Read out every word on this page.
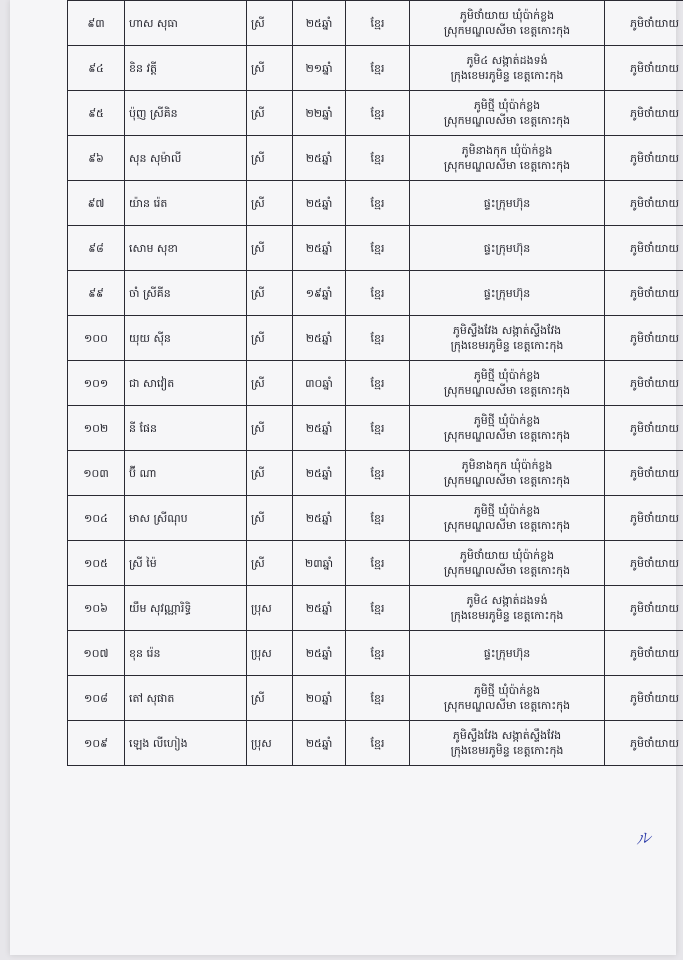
៩៣	ហាស សុធា	ស្រី	២៥ឆ្នាំ	ខ្មែរ	ភូមិថាំយាយ ឃុំប៉ាក់ខ្លង
ស្រុកមណ្ឌលសីមា ខេត្តកោះកុង	ភូមិថាំយាយ
៩៤	ខិន វត្តី	ស្រី	២១ឆ្នាំ	ខ្មែរ	ភូមិ៤ សង្កាត់ដងទង់
ក្រុងខេមរភូមិន្ទ ខេត្តកោះកុង	ភូមិថាំយាយ
៩៥	ប៉ុញ ស្រីគិន	ស្រី	២២ឆ្នាំ	ខ្មែរ	ភូមិថ្មី ឃុំប៉ាក់ខ្លង
ស្រុកមណ្ឌលសីមា ខេត្តកោះកុង	ភូមិថាំយាយ
៩៦	សុន សុម៉ាលី	ស្រី	២៥ឆ្នាំ	ខ្មែរ	ភូមិនាងកុក ឃុំប៉ាក់ខ្លង
ស្រុកមណ្ឌលសីមា ខេត្តកោះកុង	ភូមិថាំយាយ
៩៧	យ៉ាន រ៉េត	ស្រី	២៥ឆ្នាំ	ខ្មែរ	ផ្ទះក្រុមហ៊ុន	ភូមិថាំយាយ
៩៨	សោម សុខា	ស្រី	២៥ឆ្នាំ	ខ្មែរ	ផ្ទះក្រុមហ៊ុន	ភូមិថាំយាយ
៩៩	ចាំ ស្រីគីន	ស្រី	១៩ឆ្នាំ	ខ្មែរ	ផ្ទះក្រុមហ៊ុន	ភូមិថាំយាយ
១០០	យុយ ស៊ីន	ស្រី	២៥ឆ្នាំ	ខ្មែរ	ភូមិស្ទឹងវែង សង្កាត់ស្ទឹងវែង
ក្រុងខេមរភូមិន្ទ ខេត្តកោះកុង	ភូមិថាំយាយ
១០១	ជា សាវៀត	ស្រី	៣០ឆ្នាំ	ខ្មែរ	ភូមិថ្មី ឃុំប៉ាក់ខ្លង
ស្រុកមណ្ឌលសីមា ខេត្តកោះកុង	ភូមិថាំយាយ
១០២	នី ផែន	ស្រី	២៥ឆ្នាំ	ខ្មែរ	ភូមិថ្មី ឃុំប៉ាក់ខ្លង
ស្រុកមណ្ឌលសីមា ខេត្តកោះកុង	ភូមិថាំយាយ
១០៣	ប៊ី ណា	ស្រី	២៥ឆ្នាំ	ខ្មែរ	ភូមិនាងកុក ឃុំប៉ាក់ខ្លង
ស្រុកមណ្ឌលសីមា ខេត្តកោះកុង	ភូមិថាំយាយ
១០៤	មាស ស្រីណុប	ស្រី	២៥ឆ្នាំ	ខ្មែរ	ភូមិថ្មី ឃុំប៉ាក់ខ្លង
ស្រុកមណ្ឌលសីមា ខេត្តកោះកុង	ភូមិថាំយាយ
១០៥	ស្រី ម៉ៃ	ស្រី	២៣ឆ្នាំ	ខ្មែរ	ភូមិថាំយាយ ឃុំប៉ាក់ខ្លង
ស្រុកមណ្ឌលសីមា ខេត្តកោះកុង	ភូមិថាំយាយ
១០៦	យឹម សុវណ្ណារិទ្ធិ	ប្រុស	២៥ឆ្នាំ	ខ្មែរ	ភូមិ៤ សង្កាត់ដងទង់
ក្រុងខេមរភូមិន្ទ ខេត្តកោះកុង	ភូមិថាំយាយ
១០៧	ខុន រ៉េន	ប្រុស	២៥ឆ្នាំ	ខ្មែរ	ផ្ទះក្រុមហ៊ុន	ភូមិថាំយាយ
១០៨	តៅ សុផាត	ស្រី	២០ឆ្នាំ	ខ្មែរ	ភូមិថ្មី ឃុំប៉ាក់ខ្លង
ស្រុកមណ្ឌលសីមា ខេត្តកោះកុង	ភូមិថាំយាយ
១០៩	ឡេង លីហៀង	ប្រុស	២៥ឆ្នាំ	ខ្មែរ	ភូមិស្ទឹងវែង សង្កាត់ស្ទឹងវែង
ក្រុងខេមរភូមិន្ទ ខេត្តកោះកុង	ភូមិថាំយាយ
ル
